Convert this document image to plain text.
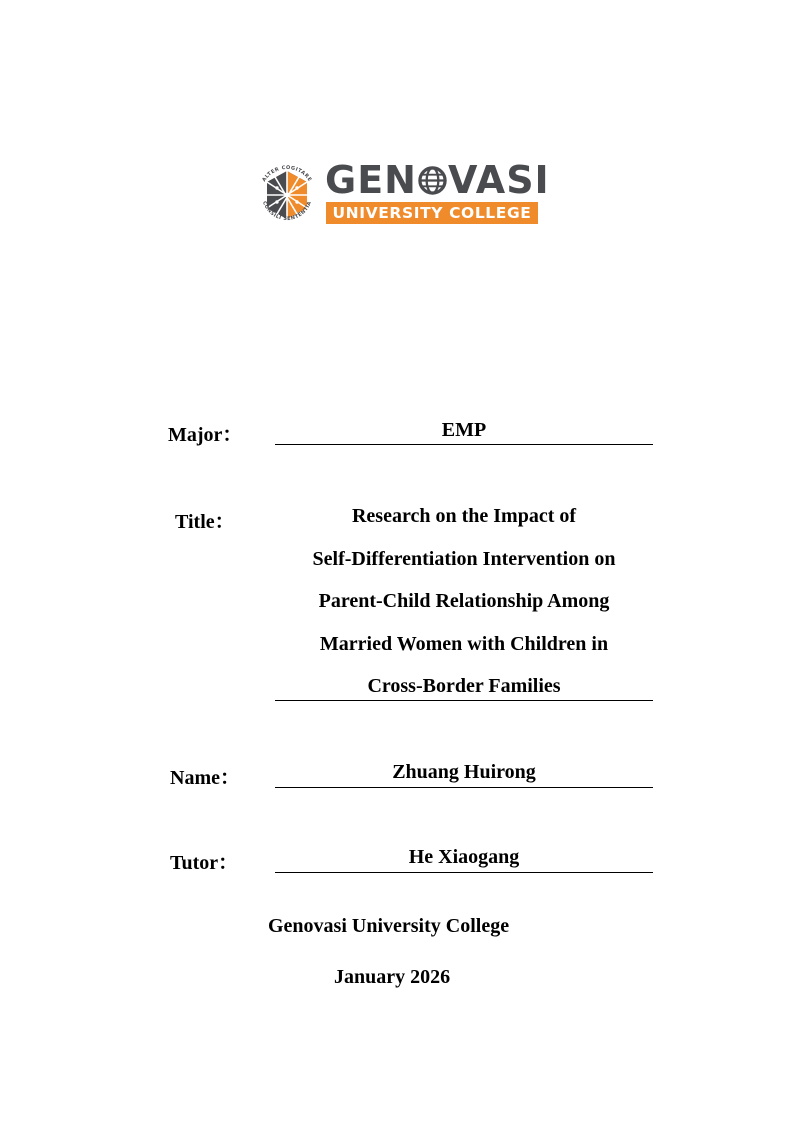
ALTER COGITARE
CONSILI SENTENTIA
GEN VASI
UNIVERSITY COLLEGE
Major：	EMP
Title：	Research on the Impact of
Self-Differentiation Intervention on
Parent-Child Relationship Among
Married Women with Children in
Cross-Border Families
Name：	Zhuang Huirong
Tutor：	He Xiaogang
Genovasi University College
January 2026
